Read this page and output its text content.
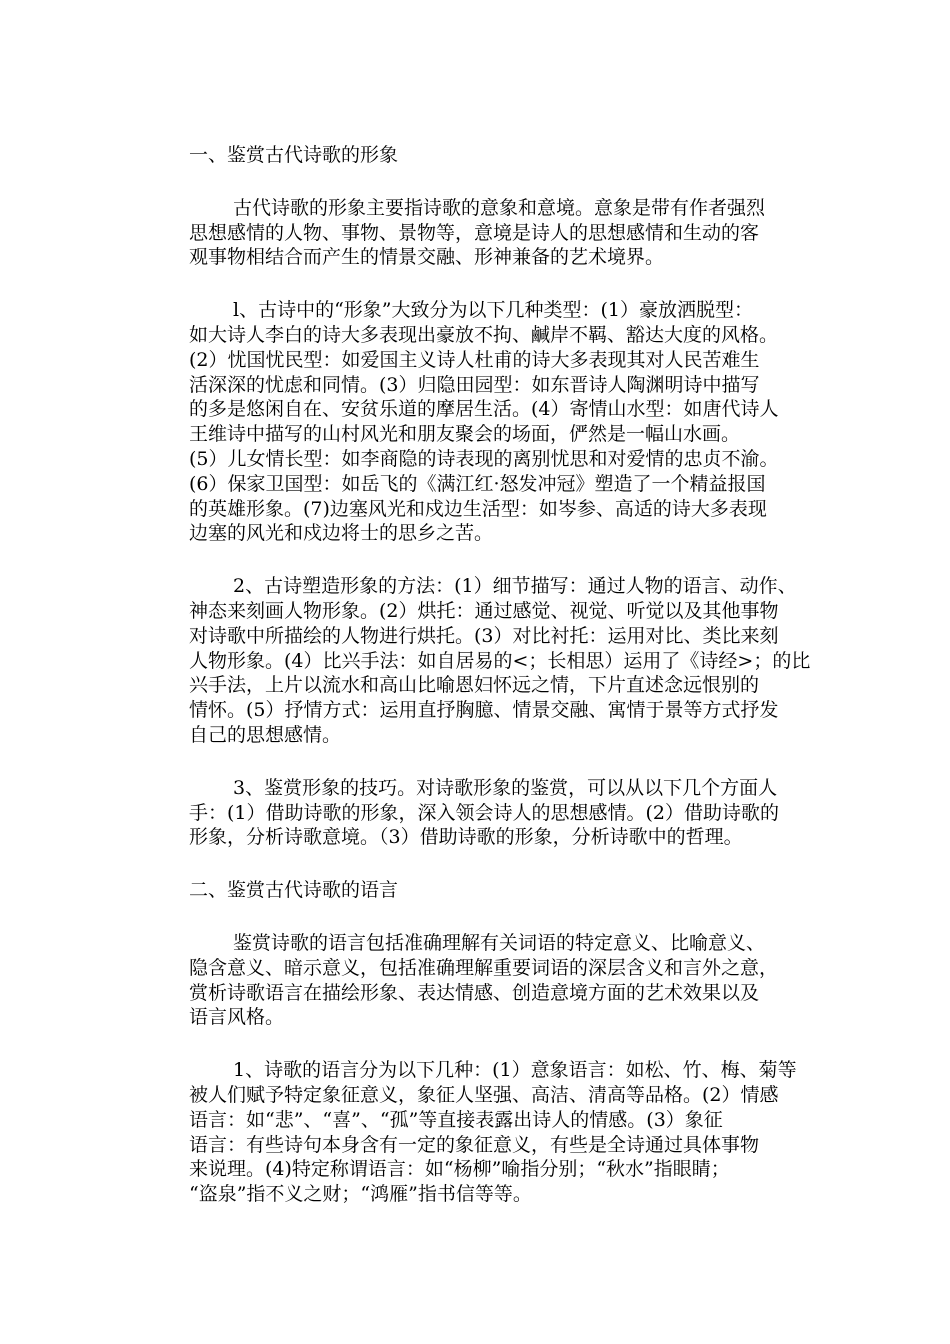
一、鉴赏古代诗歌的形象
古代诗歌的形象主要指诗歌的意象和意境。意象是带有作者强烈
思想感情的人物、事物、景物等，意境是诗人的思想感情和生动的客
观事物相结合而产生的情景交融、形神兼备的艺术境界。
l、古诗中的“形象”大致分为以下几种类型：(1）豪放洒脱型：
如大诗人李白的诗大多表现出豪放不拘、鹹岸不羁、豁达大度的风格。
(2）忧国忧民型：如爱国主义诗人杜甫的诗大多表现其对人民苦难生
活深深的忧虑和同情。(3）归隐田园型：如东晋诗人陶渊明诗中描写
的多是悠闲自在、安贫乐道的摩居生活。(4）寄情山水型：如唐代诗人
王维诗中描写的山村风光和朋友聚会的场面，俨然是一幅山水画。
(5）儿女情长型：如李商隐的诗表现的离别忧思和对爱情的忠贞不渝。
(6）保家卫国型：如岳飞的《满江红·怒发冲冠》塑造了一个精益报国
的英雄形象。(7)边塞风光和戍边生活型：如岑参、高适的诗大多表现
边塞的风光和戍边将士的思乡之苦。
2、古诗塑造形象的方法：(1）细节描写：通过人物的语言、动作、
神态来刻画人物形象。(2）烘托：通过感觉、视觉、听觉以及其他事物
对诗歌中所描绘的人物进行烘托。(3）对比衬托：运用对比、类比来刻
人物形象。(4）比兴手法：如自居易的<；长相思）运用了《诗经>；的比
兴手法，上片以流水和高山比喻恩妇怀远之情，下片直述念远恨别的
情怀。(5）抒情方式：运用直抒胸臆、情景交融、寓情于景等方式抒发
自己的思想感情。
3、鉴赏形象的技巧。对诗歌形象的鉴赏，可以从以下几个方面人
手：(1）借助诗歌的形象，深入领会诗人的思想感情。(2）借助诗歌的
形象，分析诗歌意境。（3）借助诗歌的形象，分析诗歌中的哲理。
二、鉴赏古代诗歌的语言
鉴赏诗歌的语言包括准确理解有关词语的特定意义、比喻意义、
隐含意义、暗示意义，包括准确理解重要词语的深层含义和言外之意，
赏析诗歌语言在描绘形象、表达情感、创造意境方面的艺术效果以及
语言风格。
1、诗歌的语言分为以下几种：(1）意象语言：如松、竹、梅、菊等
被人们赋予特定象征意义，象征人坚强、高洁、清高等品格。(2）情感
语言：如“悲”、“喜”、“孤”等直接表露出诗人的情感。(3）象征
语言：有些诗句本身含有一定的象征意义，有些是全诗通过具体事物
来说理。(4)特定称谓语言：如“杨柳”喻指分别；“秋水”指眼睛；
“盗泉”指不义之财；“鸿雁”指书信等等。
